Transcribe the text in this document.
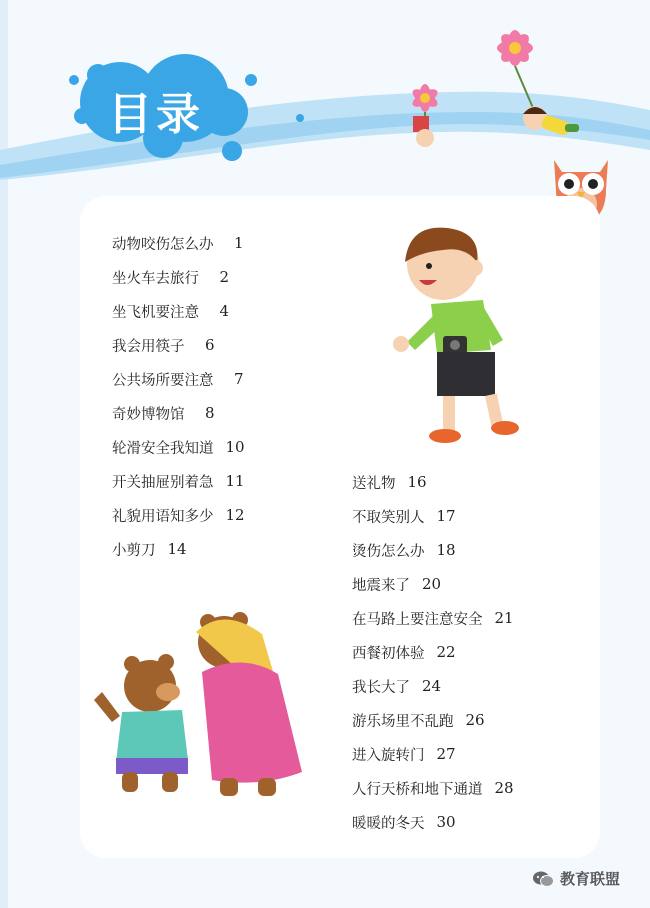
目录
动物咬伤怎么办	1
坐火车去旅行	2
坐飞机要注意	4
我会用筷子	6
公共场所要注意	7
奇妙博物馆	8
轮滑安全我知道 10
开关抽屉别着急 11
礼貌用语知多少 12
小剪刀 14
送礼物 16
不取笑别人 17
烫伤怎么办 18
地震来了 20
在马路上要注意安全 21
西餐初体验 22
我长大了 24
游乐场里不乱跑 26
进入旋转门 27
人行天桥和地下通道 28
暖暖的冬天 30
教育联盟
